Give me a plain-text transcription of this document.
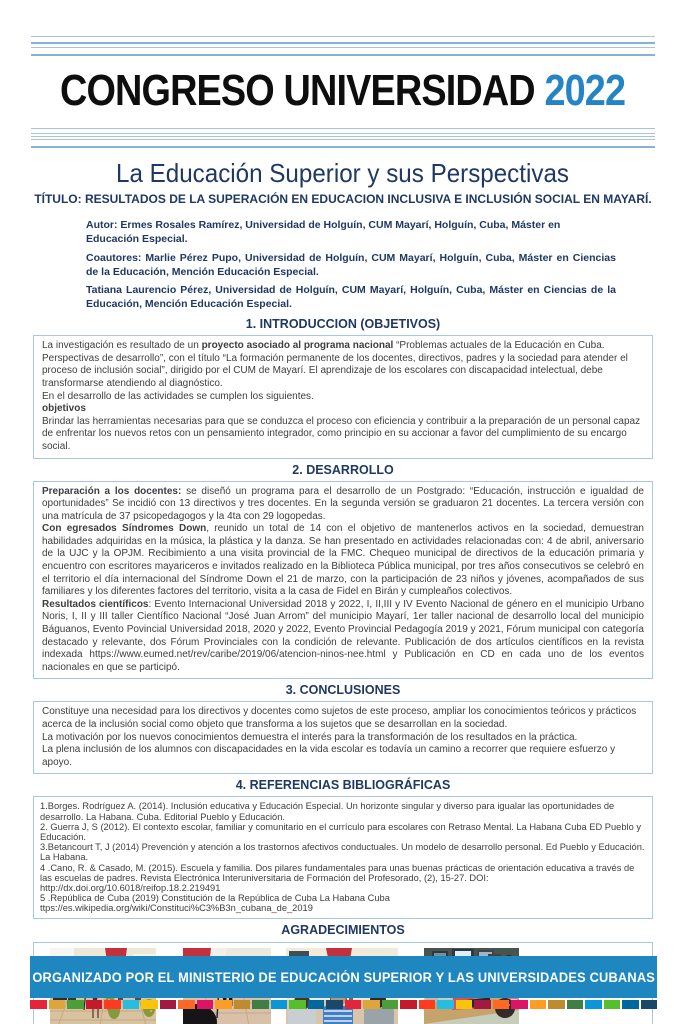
CONGRESO UNIVERSIDAD 2022
La Educación Superior y sus Perspectivas
TÍTULO: RESULTADOS DE LA SUPERACIÓN EN EDUCACION INCLUSIVA E INCLUSIÓN SOCIAL EN MAYARÍ.

Autor: Ermes Rosales Ramírez, Universidad de Holguín, CUM Mayarí, Holguín, Cuba, Máster en Educación Especial.

Coautores: Marlie Pérez Pupo, Universidad de Holguín, CUM Mayarí, Holguín, Cuba, Máster en Ciencias de la Educación, Mención Educación Especial.

Tatiana Laurencio Pérez, Universidad de Holguín, CUM Mayarí, Holguín, Cuba, Máster en Ciencias de la Educación, Mención Educación Especial.

1. INTRODUCCION (OBJETIVOS)

La investigación es resultado de un proyecto asociado al programa nacional “Problemas actuales de la Educación en Cuba. Perspectivas de desarrollo”, con el título “La formación permanente de los docentes, directivos, padres y la sociedad para atender el proceso de inclusión social”, dirigido por el CUM de Mayarí. El aprendizaje de los escolares con discapacidad intelectual, debe transformarse atendiendo al diagnóstico.

En el desarrollo de las actividades se cumplen los siguientes.

objetivos

Brindar las herramientas necesarias para que se conduzca el proceso con eficiencia y contribuir a la preparación de un personal capaz de enfrentar los nuevos retos con un pensamiento integrador, como principio en su accionar a favor del cumplimiento de su encargo social.

2. DESARROLLO

Preparación a los docentes: se diseñó un programa para el desarrollo de un Postgrado: “Educación, instrucción e igualdad de oportunidades” Se incidió con 13 directivos y tres docentes. En la segunda versión se graduaron 21 docentes. La tercera versión con una matrícula de 37 psicopedagogos y la 4ta con 29 logopedas.

Con egresados Síndromes Down, reunido un total de 14 con el objetivo de mantenerlos activos en la sociedad, demuestran habilidades adquiridas en la música, la plástica y la danza. Se han presentado en actividades relacionadas con: 4 de abril, aniversario de la UJC y la OPJM. Recibimiento a una visita provincial de la FMC. Chequeo municipal de directivos de la educación primaria y encuentro con escritores mayariceros e invitados realizado en la Biblioteca Pública municipal, por tres años consecutivos se celebró en el territorio el día internacional del Síndrome Down el 21 de marzo, con la participación de 23 niños y jóvenes, acompañados de sus familiares y los diferentes factores del territorio, visita a la casa de Fidel en Birán y cumpleaños colectivos.

Resultados científicos: Evento Internacional Universidad 2018 y 2022, I, II,III y IV Evento Nacional de género en el municipio Urbano Noris, I, II y III taller Científico Nacional “José Juan Arrom” del municipio Mayarí, 1er taller nacional de desarrollo local del municipio Báguanos, Evento Povincial Universidad 2018, 2020 y 2022, Evento Provincial Pedagogía 2019 y 2021, Fórum municipal con categoría destacado y relevante, dos Fórum Provinciales con la condición de relevante. Publicación de dos artículos científicos en la revista indexada https://www.eumed.net/rev/caribe/2019/06/atencion-ninos-nee.html y Publicación en CD en cada uno de los eventos nacionales en que se participó.

3. CONCLUSIONES

Constituye una necesidad para los directivos y docentes como sujetos de este proceso, ampliar los conocimientos teóricos y prácticos acerca de la inclusión social como objeto que transforma a los sujetos que se desarrollan en la sociedad.

La motivación por los nuevos conocimientos demuestra el interés para la transformación de los resultados en la práctica.

La plena inclusión de los alumnos con discapacidades en la vida escolar es todavía un camino a recorrer que requiere esfuerzo y apoyo.

4. REFERENCIAS BIBLIOGRÁFICAS
1.Borges. Rodríguez A. (2014). Inclusión educativa y Educación Especial. Un horizonte singular y diverso para igualar las oportunidades de desarrollo. La Habana. Cuba. Editorial Pueblo y Educación.
2. Guerra J, S (2012). El contexto escolar, familiar y comunitario en el currículo para escolares con Retraso Mental. La Habana Cuba ED Pueblo y Educación.
3.Betancourt T, J (2014) Prevención y atención a los trastornos afectivos conductuales. Un modelo de desarrollo personal. Ed Pueblo y Educación. La Habana.
4 .Cano, R. & Casado, M. (2015). Escuela y familia. Dos pilares fundamentales para unas buenas prácticas de orientación educativa a través de las escuelas de padres. Revista Electrónica Interuniversitaria de Formación del Profesorado, (2), 15-27. DOI: http://dx.doi.org/10.6018/reifop.18.2.219491
5 .República de Cuba (2019) Constitución de la República de Cuba La Habana Cuba ttps://es.wikipedia.org/wiki/Constituci%C3%B3n_cubana_de_2019
AGRADECIMIENTOS
ORGANIZADO POR EL MINISTERIO DE EDUCACIÓN SUPERIOR Y LAS UNIVERSIDADES CUBANAS
